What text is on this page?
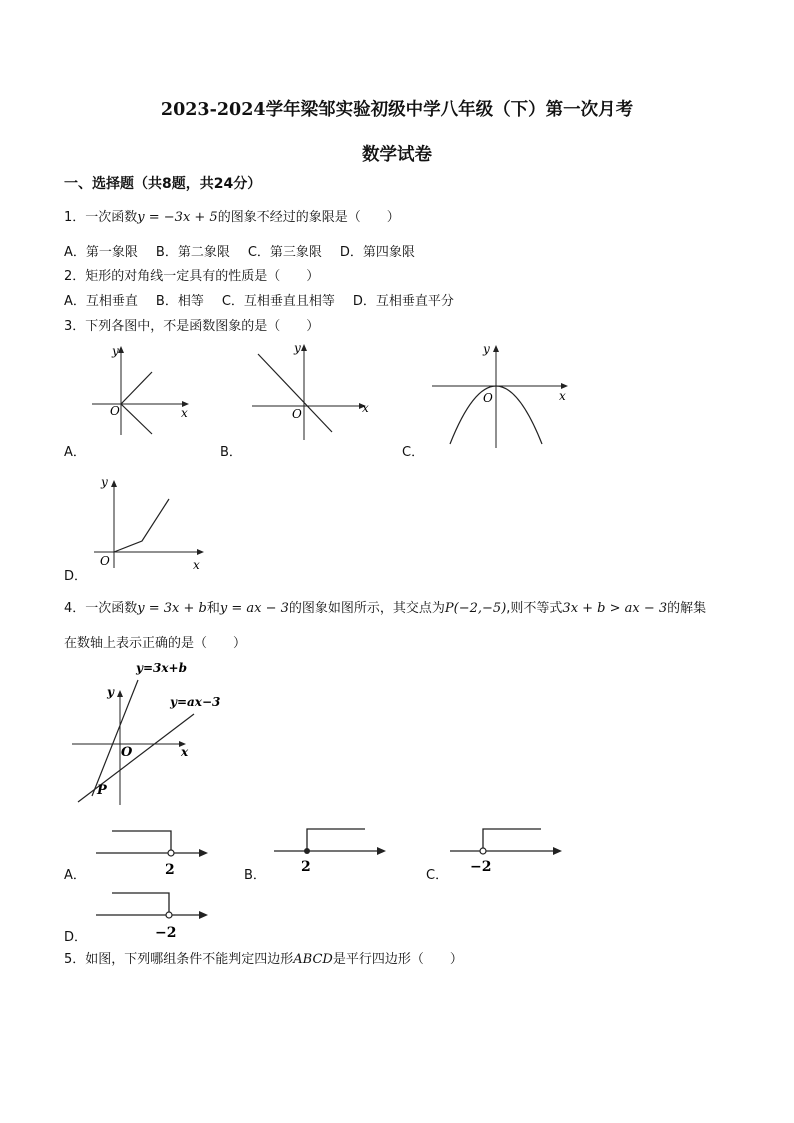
2023-2024学年梁邹实验初级中学八年级（下）第一次月考
数学试卷
一、选择题（共8题，共24分）
1．一次函数y = −3x + 5的图象不经过的象限是（　　）
A．第一象限 B．第二象限 C．第三象限 D．第四象限
2．矩形的对角线一定具有的性质是（　　）
A．互相垂直 B．相等 C．互相垂直且相等 D．互相垂直平分
3．下列各图中，不是函数图象的是（　　）
O	x
y
A．
O	x
y
B．
O	x
y
C．
O	x
y
D．
4．一次函数y = 3x + b和y = ax − 3的图象如图所示，其交点为P(−2,−5),则不等式3x + b > ax − 3的解集
在数轴上表示正确的是（　　）
y=3x+b
y=ax−3
y
x
O
P
2
A．
2
B．
−2
C．
−2
D．
5．如图，下列哪组条件不能判定四边形ABCD是平行四边形（　　）
